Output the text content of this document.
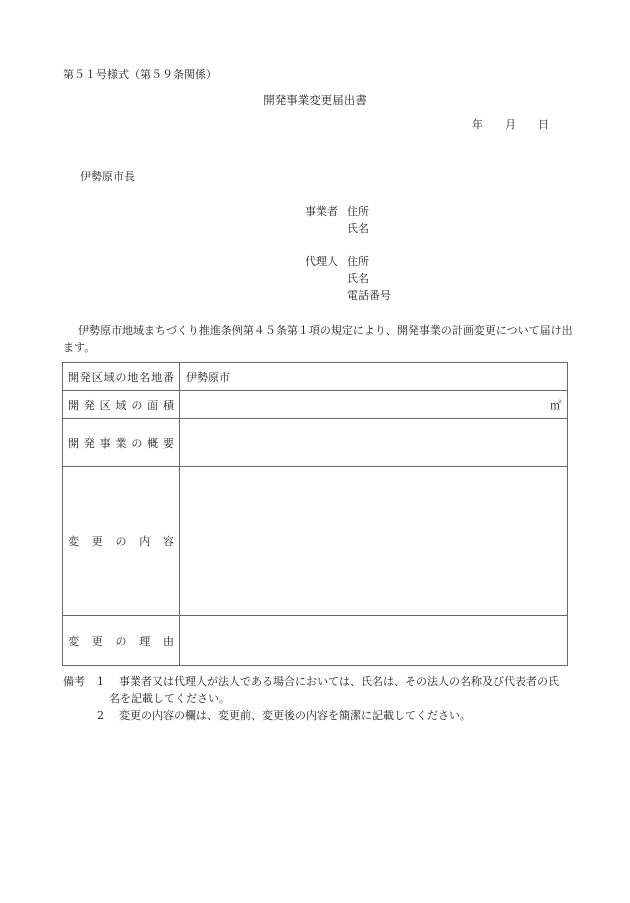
第５１号様式（第５９条関係）
開発事業変更届出書
年 月 日
伊勢原市長
事業者 住所
氏名
代理人 住所
氏名
電話番号
伊勢原市地域まちづくり推進条例第４５条第１項の規定により、開発事業の計画変更について届け出ます。
開発区域の地名地番	伊勢原市
開発区域の面積	㎡
開発事業の概要	
変更の内容	
変更の理由	
備考	1	事業者又は代理人が法人である場合においては、氏名は、その法人の名称及び代表者の氏
名を記載してください。
2	変更の内容の欄は、変更前、変更後の内容を簡潔に記載してください。
